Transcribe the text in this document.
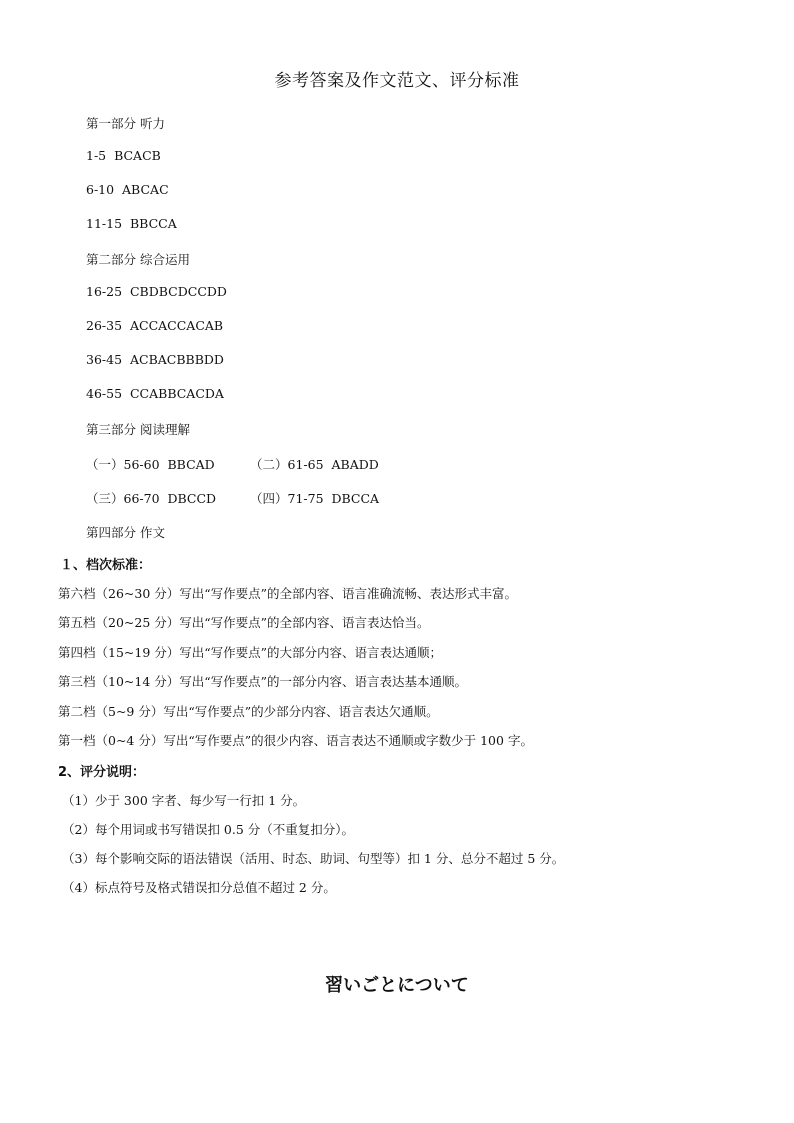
参考答案及作文范文、评分标准
第一部分 听力
1-5  BCACB
6-10  ABCAC
11-15  BBCCA
第二部分 综合运用
16-25  CBDBCDCCDD
26-35  ACCACCACAB
36-45  ACBACBBBDD
46-55  CCABBCACDA
第三部分 阅读理解
（一）56-60  BBCAD	（二）61-65  ABADD
（三）66-70  DBCCD	（四）71-75  DBCCA
第四部分 作文
１、档次标准：
第六档（26~30 分）写出“写作要点”的全部内容、语言准确流畅、表达形式丰富。
第五档（20~25 分）写出“写作要点”的全部内容、语言表达恰当。
第四档（15~19 分）写出“写作要点”的大部分内容、语言表达通顺；
第三档（10~14 分）写出“写作要点”的一部分内容、语言表达基本通顺。
第二档（5~9 分）写出“写作要点”的少部分内容、语言表达欠通顺。
第一档（0~4 分）写出“写作要点”的很少内容、语言表达不通顺或字数少于 100 字。
2、评分说明：
（1）少于 300 字者、每少写一行扣 1 分。
（2）每个用词或书写错误扣 0.5 分（不重复扣分）。
（3）每个影响交际的语法错误（活用、时态、助词、句型等）扣 1 分、总分不超过 5 分。
（4）标点符号及格式错误扣分总值不超过 2 分。
習いごとについて
